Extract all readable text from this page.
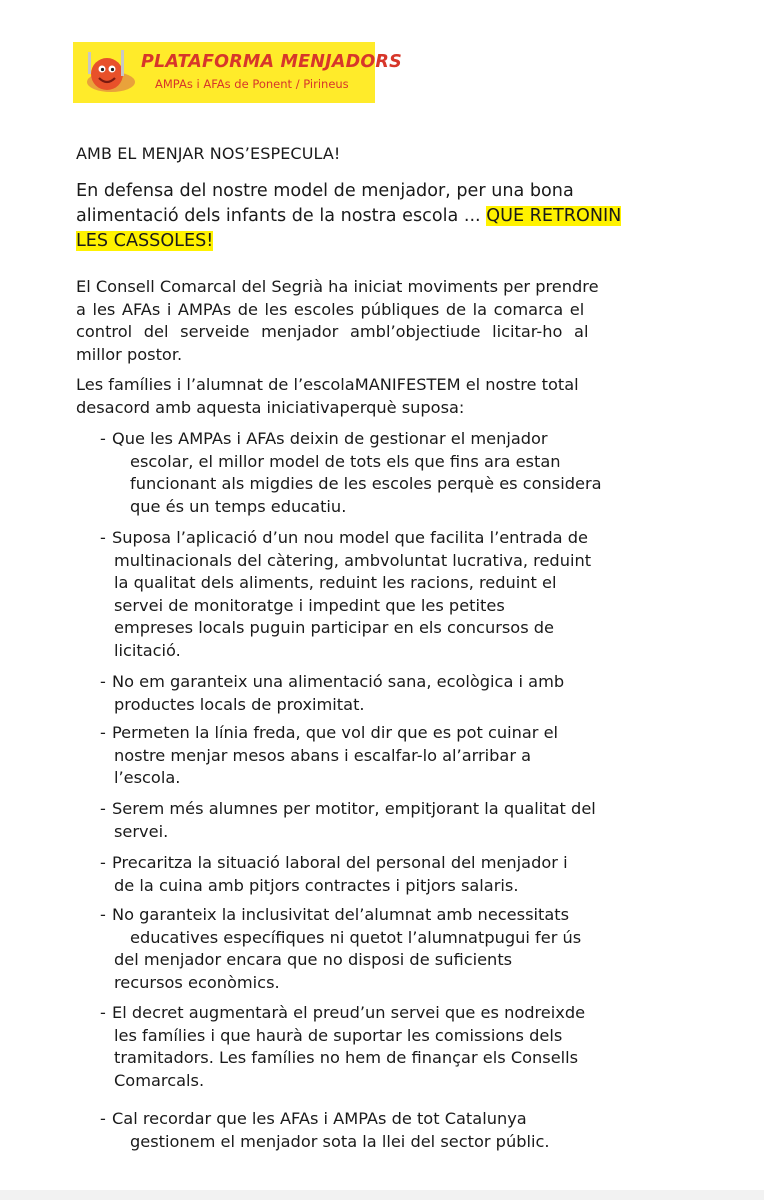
PLATAFORMA MENJADORS
AMPAs i AFAs de Ponent / Pirineus
AMB EL MENJAR NOS’ESPECULA!
En defensa del nostre model de menjador, per una bona
alimentació dels infants de la nostra escola ... QUE RETRONIN
LES CASSOLES!
El Consell Comarcal del Segrià ha iniciat moviments per prendre
a les AFAs i AMPAs de les escoles públiques de la comarca el
control del serveide menjador ambl’objectiude licitar-ho al
millor postor.
Les famílies i l’alumnat de l’escolaMANIFESTEM el nostre total
desacord amb aquesta iniciativaperquè suposa:
- Que les AMPAs i AFAs deixin de gestionar el menjador
escolar, el millor model de tots els que fins ara estan
funcionant als migdies de les escoles perquè es considera
que és un temps educatiu.
- Suposa l’aplicació d’un nou model que facilita l’entrada de
multinacionals del càtering, ambvoluntat lucrativa, reduint
la qualitat dels aliments, reduint les racions, reduint el
servei de monitoratge i impedint que les petites
empreses locals puguin participar en els concursos de
licitació.
- No em garanteix una alimentació sana, ecològica i amb
productes locals de proximitat.
- Permeten la línia freda, que vol dir que es pot cuinar el
nostre menjar mesos abans i escalfar-lo al’arribar a
l’escola.
- Serem més alumnes per motitor, empitjorant la qualitat del
servei.
- Precaritza la situació laboral del personal del menjador i
de la cuina amb pitjors contractes i pitjors salaris.
- No garanteix la inclusivitat del’alumnat amb necessitats
educatives específiques ni quetot l’alumnatpugui fer ús
del menjador encara que no disposi de suficients
recursos econòmics.
- El decret augmentarà el preud’un servei que es nodreixde
les famílies i que haurà de suportar les comissions dels
tramitadors. Les famílies no hem de finançar els Consells
Comarcals.
- Cal recordar que les AFAs i AMPAs de tot Catalunya
gestionem el menjador sota la llei del sector públic.
